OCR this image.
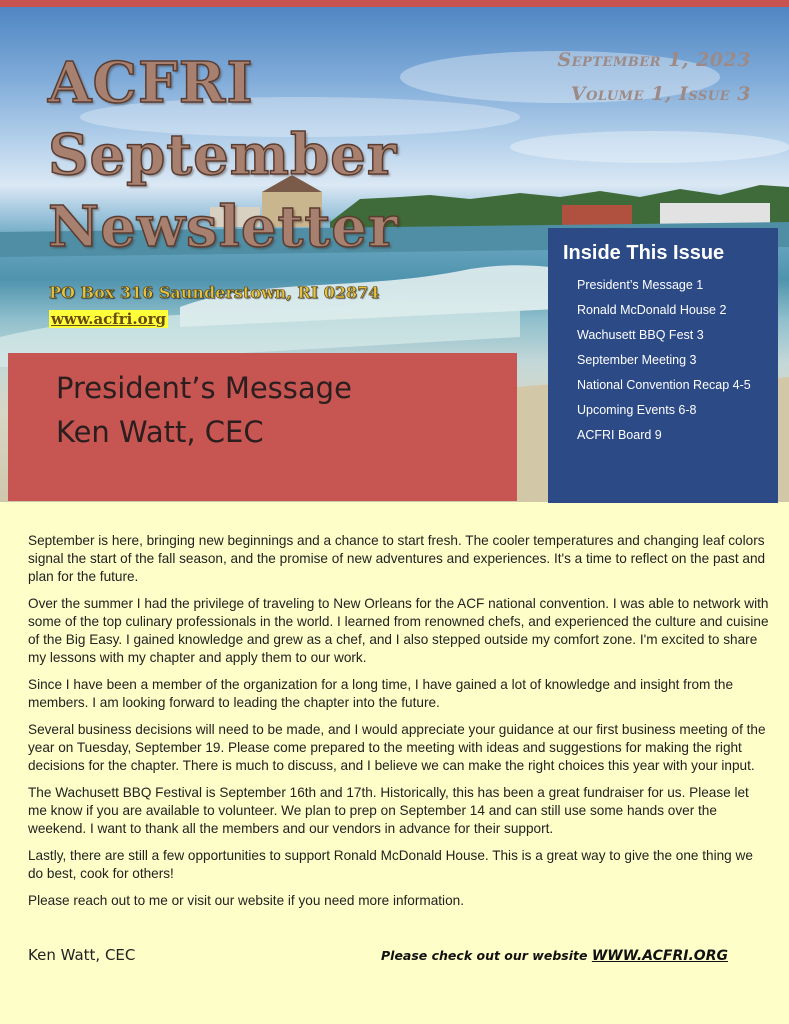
ACFRI
September
Newsletter
September 1, 2023
Volume 1, Issue 3
PO Box 316 Saunderstown, RI 02874
www.acfri.org
President’s Message
Ken Watt, CEC
Inside This Issue
President’s Message 1
Ronald McDonald House 2
Wachusett BBQ Fest 3
September Meeting 3
National Convention Recap 4-5
Upcoming Events 6-8
ACFRI Board 9

September is here, bringing new beginnings and a chance to start fresh. The cooler temperatures and changing leaf colors signal the start of the fall season, and the promise of new adventures and experiences. It's a time to reflect on the past and plan for the future.

Over the summer I had the privilege of traveling to New Orleans for the ACF national convention. I was able to network with some of the top culinary professionals in the world. I learned from renowned chefs, and experienced the culture and cuisine of the Big Easy. I gained knowledge and grew as a chef, and I also stepped outside my comfort zone. I'm excited to share my lessons with my chapter and apply them to our work.

Since I have been a member of the organization for a long time, I have gained a lot of knowledge and insight from the members. I am looking forward to leading the chapter into the future.

Several business decisions will need to be made, and I would appreciate your guidance at our first business meeting of the year on Tuesday, September 19. Please come prepared to the meeting with ideas and suggestions for making the right decisions for the chapter. There is much to discuss, and I believe we can make the right choices this year with your input.

The Wachusett BBQ Festival is September 16th and 17th. Historically, this has been a great fundraiser for us. Please let me know if you are available to volunteer. We plan to prep on September 14 and can still use some hands over the weekend. I want to thank all the members and our vendors in advance for their support.

Lastly, there are still a few opportunities to support Ronald McDonald House. This is a great way to give the one thing we do best, cook for others!

Please reach out to me or visit our website if you need more information.

Ken Watt, CEC	Please check out our website WWW.ACFRI.ORG
